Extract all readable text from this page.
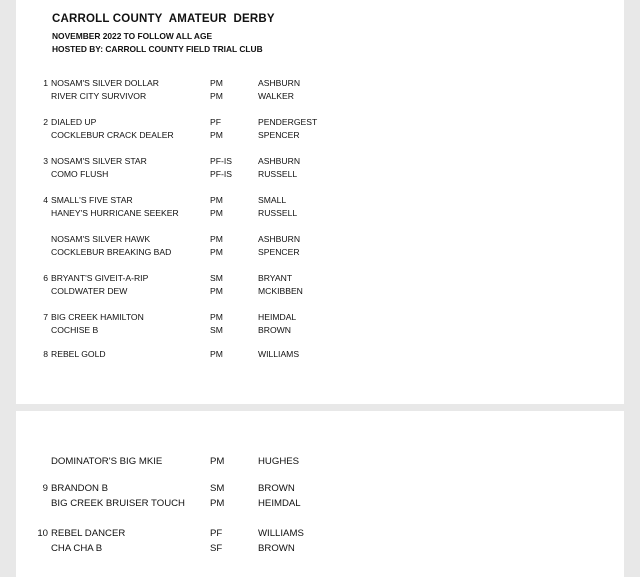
CARROLL COUNTY  AMATEUR  DERBY
NOVEMBER 2022 TO FOLLOW ALL AGE
HOSTED BY: CARROLL COUNTY FIELD TRIAL CLUB
1 NOSAM'S SILVER DOLLAR	PM	ASHBURN
RIVER CITY SURVIVOR	PM	WALKER
2 DIALED UP	PF	PENDERGEST
COCKLEBUR CRACK DEALER	PM	SPENCER
3 NOSAM'S SILVER STAR	PF-IS	ASHBURN
COMO FLUSH	PF-IS	RUSSELL
4 SMALL'S FIVE STAR	PM	SMALL
HANEY'S HURRICANE SEEKER	PM	RUSSELL
NOSAM'S SILVER HAWK	PM	ASHBURN
COCKLEBUR BREAKING BAD	PM	SPENCER
6 BRYANT'S GIVEIT-A-RIP	SM	BRYANT
COLDWATER DEW	PM	MCKIBBEN
7 BIG CREEK HAMILTON	PM	HEIMDAL
COCHISE B	SM	BROWN
8 REBEL GOLD	PM	WILLIAMS
DOMINATOR'S BIG MKIE	PM	HUGHES
9 BRANDON B	SM	BROWN
BIG CREEK BRUISER TOUCH	PM	HEIMDAL
10 REBEL DANCER	PF	WILLIAMS
CHA CHA B	SF	BROWN
